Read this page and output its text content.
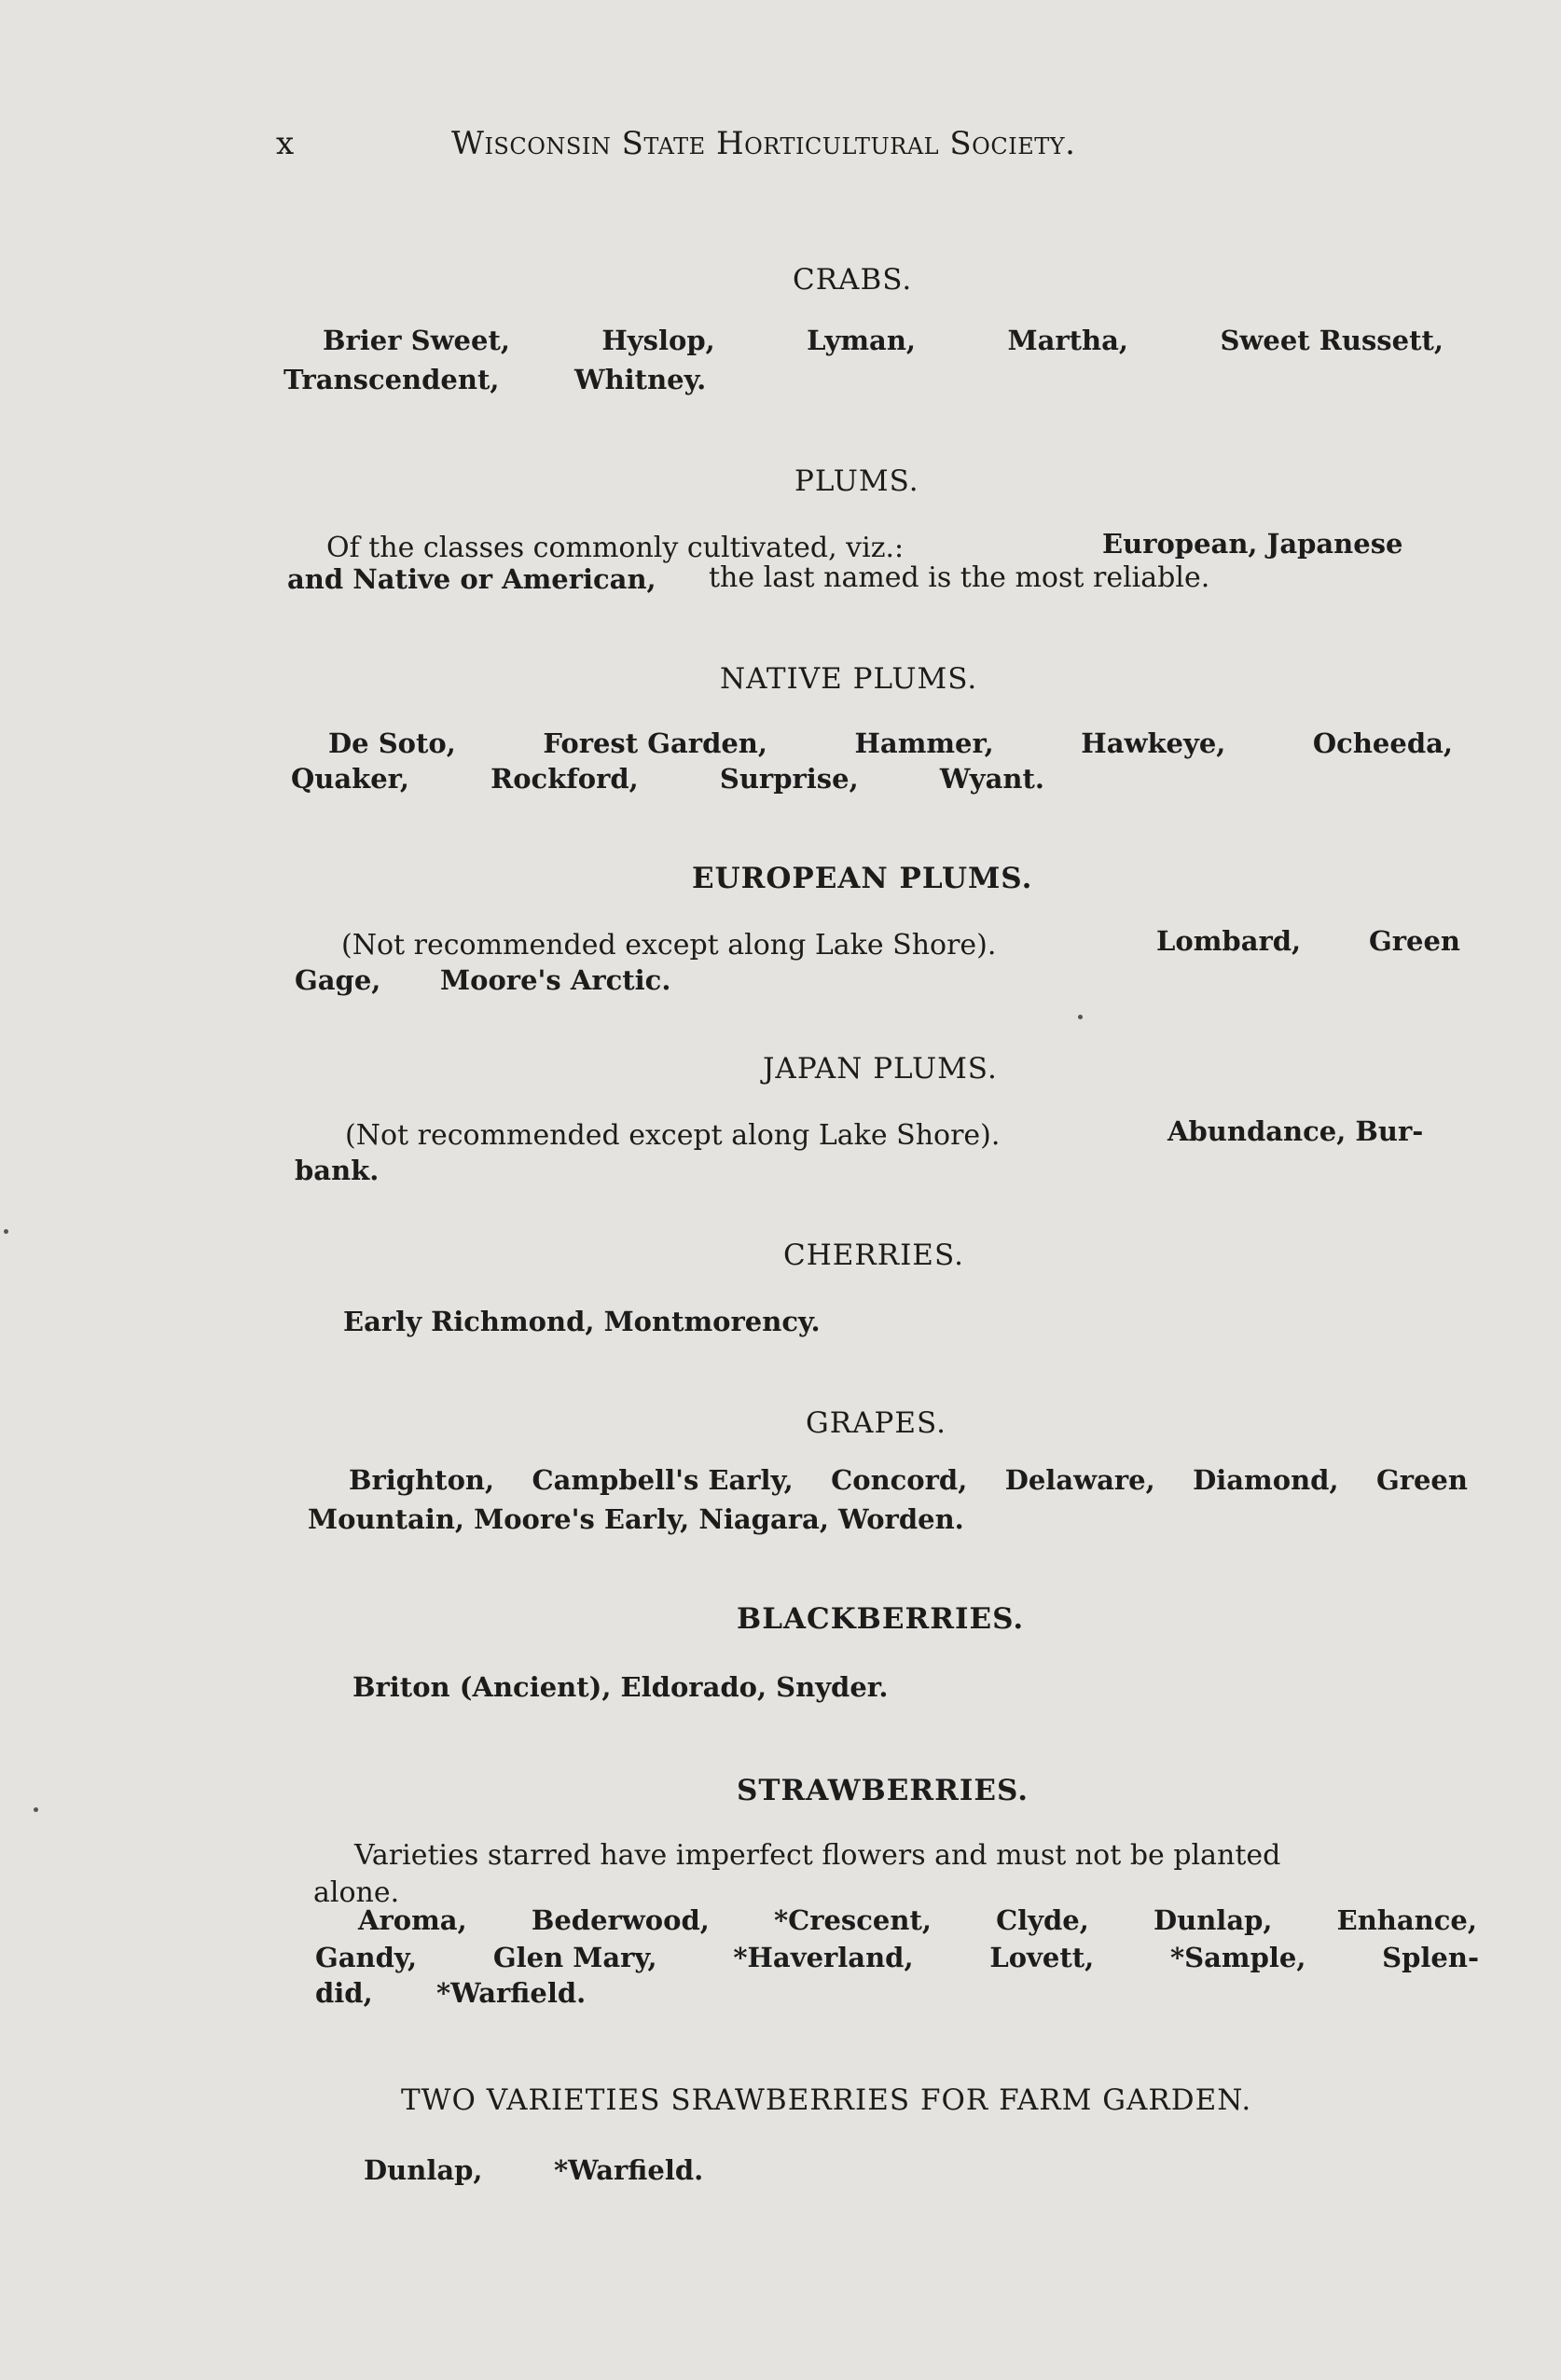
x	Wisconsin State Horticultural Society.
CRABS.
Brier Sweet,	Hyslop,	Lyman,	Martha,	Sweet Russett,
Transcendent,	Whitney.
PLUMS.
Of the classes commonly cultivated, viz.:	European, Japanese
and Native or American, the last named is the most reliable.
NATIVE PLUMS.
De Soto,	Forest Garden,	Hammer,	Hawkeye,	Ocheeda,
Quaker,	Rockford,	Surprise,	Wyant.
EUROPEAN PLUMS.
(Not recommended except along Lake Shore).	Lombard,	Green
Gage, Moore's Arctic.
JAPAN PLUMS.
(Not recommended except along Lake Shore).	Abundance, Bur-
bank.
CHERRIES.
Early Richmond, Montmorency.
GRAPES.
Brighton, Campbell's Early, Concord, Delaware, Diamond, Green
Mountain, Moore's Early, Niagara, Worden.
BLACKBERRIES.
Briton (Ancient), Eldorado, Snyder.
STRAWBERRIES.
Varieties starred have imperfect flowers and must not be planted
alone.
Aroma, Bederwood, *Crescent, Clyde, Dunlap, Enhance,
Gandy,	Glen Mary,	*Haverland,	Lovett,	*Sample,	Splen-
did, *Warfield.
TWO VARIETIES SRAWBERRIES FOR FARM GARDEN.
Dunlap,	*Warfield.
